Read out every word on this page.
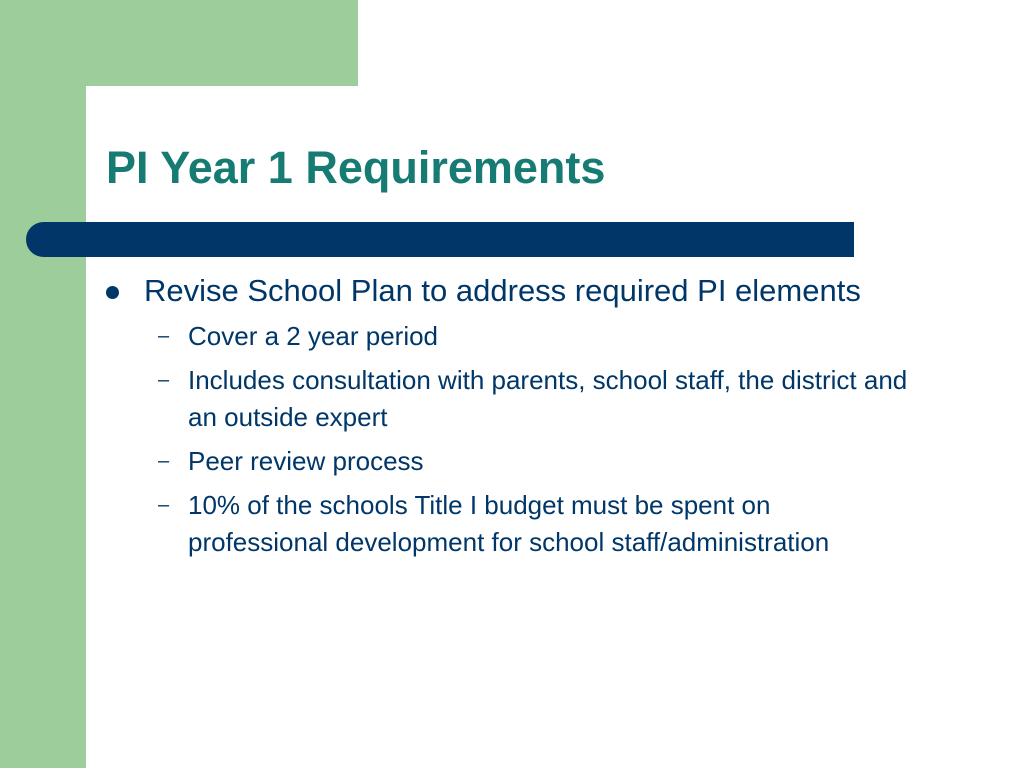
PI Year 1 Requirements
Revise School Plan to address required PI elements
– Cover a 2 year period
– Includes consultation with parents, school staff, the district and an outside expert
– Peer review process
– 10% of the schools Title I budget must be spent on professional development for school staff/administration
